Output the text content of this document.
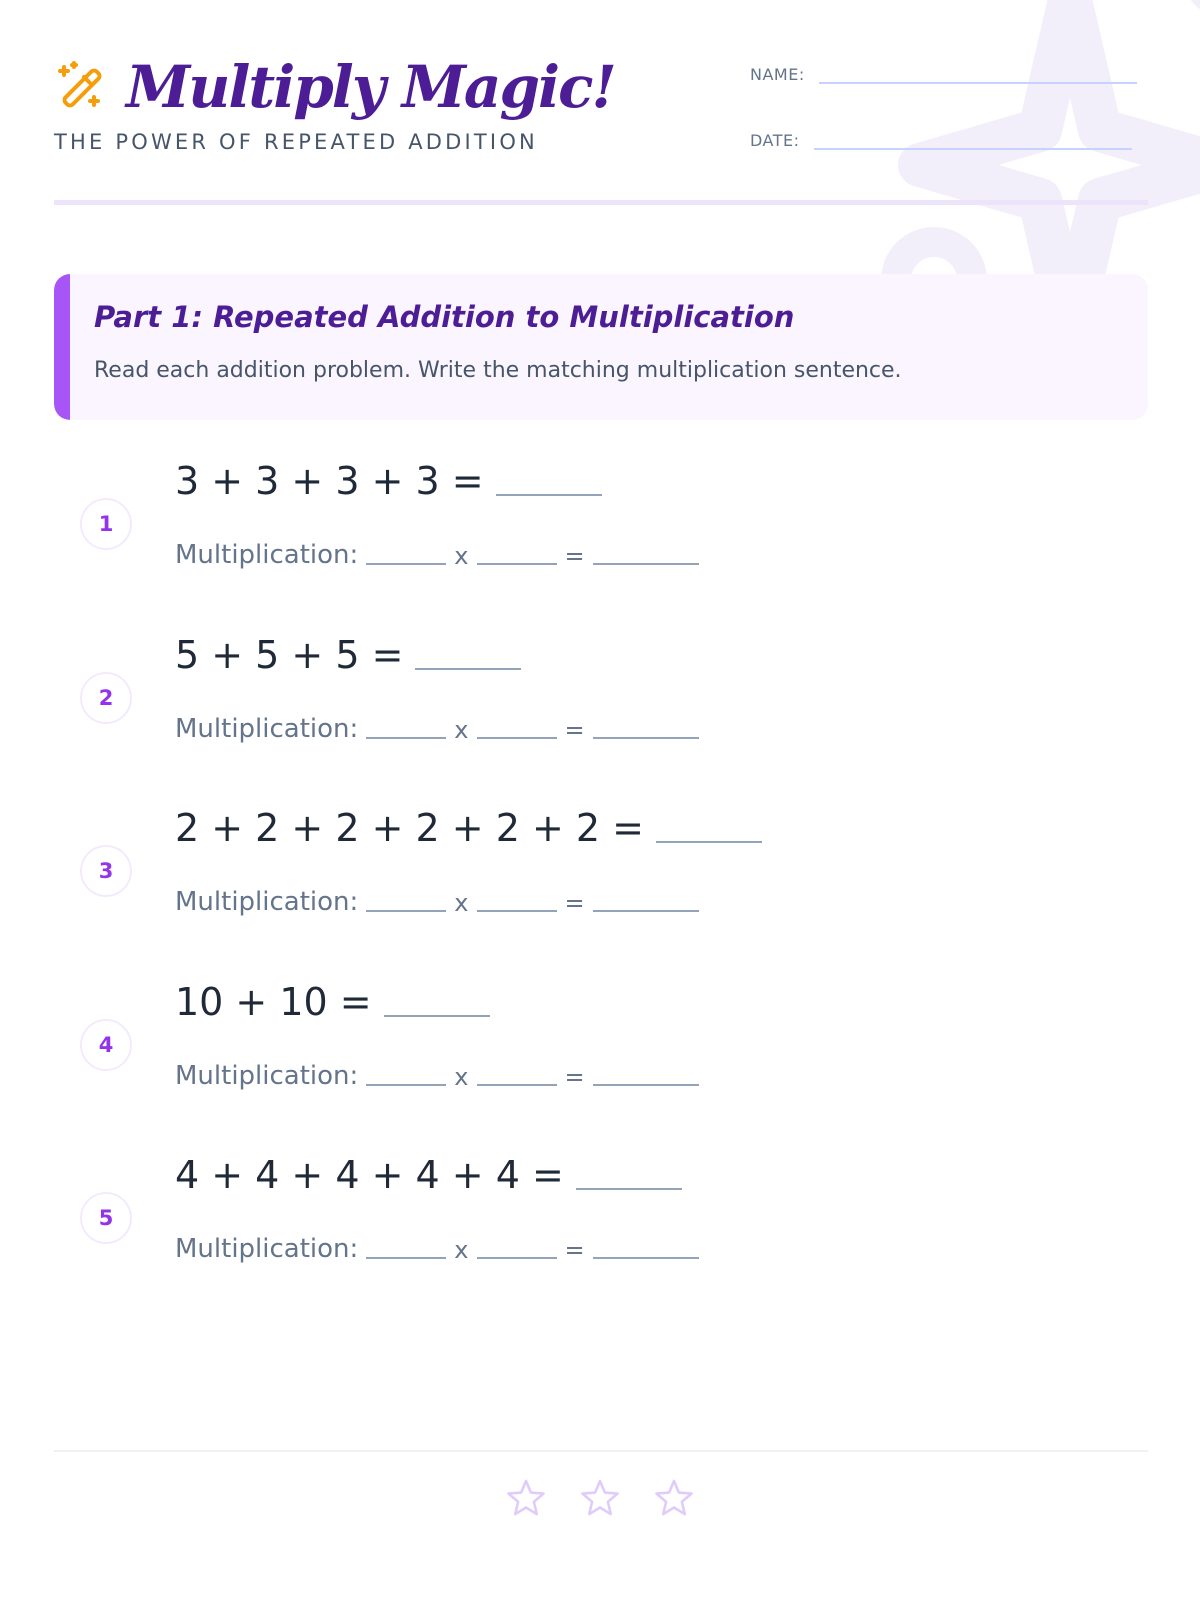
Multiply Magic!
THE POWER OF REPEATED ADDITION
NAME:
DATE:
Part 1: Repeated Addition to Multiplication
Read each addition problem. Write the matching multiplication sentence.
1
3 + 3 + 3 + 3 =
Multiplication:	x	=
2
5 + 5 + 5 =
Multiplication:	x	=
3
2 + 2 + 2 + 2 + 2 + 2 =
Multiplication:	x	=
4
10 + 10 =
Multiplication:	x	=
5
4 + 4 + 4 + 4 + 4 =
Multiplication:	x	=
